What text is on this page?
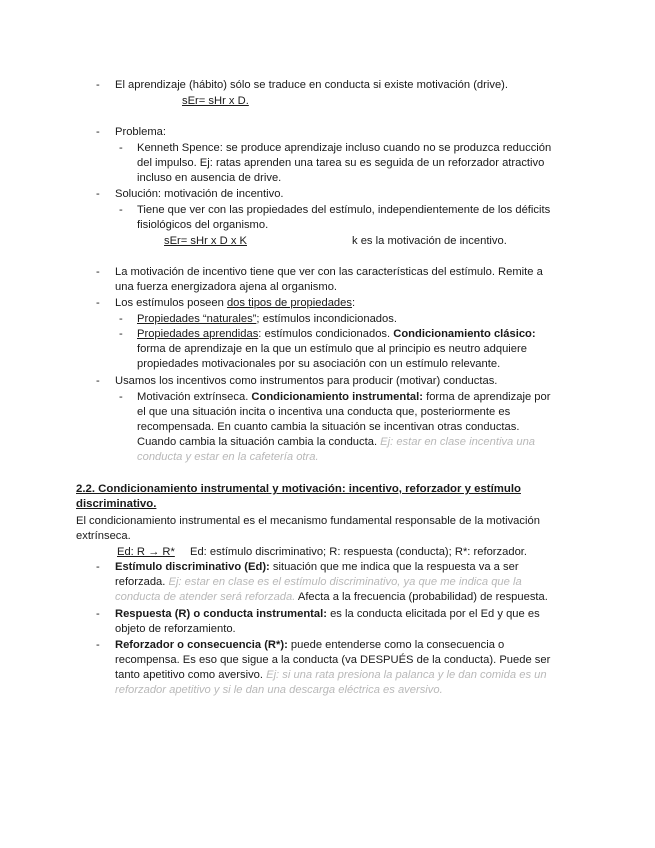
- El aprendizaje (hábito) sólo se traduce en conducta si existe motivación (drive).
sEr= sHr x D.
- Problema:
- Kenneth Spence: se produce aprendizaje incluso cuando no se produzca reducción
del impulso. Ej: ratas aprenden una tarea su es seguida de un reforzador atractivo
incluso en ausencia de drive.
- Solución: motivación de incentivo.
- Tiene que ver con las propiedades del estímulo, independientemente de los déficits
fisiológicos del organismo.
sEr= sHr x D x K	k es la motivación de incentivo.
- La motivación de incentivo tiene que ver con las características del estímulo. Remite a
una fuerza energizadora ajena al organismo.
- Los estímulos poseen dos tipos de propiedades:
- Propiedades “naturales”; estímulos incondicionados.
- Propiedades aprendidas: estímulos condicionados. Condicionamiento clásico:
forma de aprendizaje en la que un estímulo que al principio es neutro adquiere
propiedades motivacionales por su asociación con un estímulo relevante.
- Usamos los incentivos como instrumentos para producir (motivar) conductas.
- Motivación extrínseca. Condicionamiento instrumental: forma de aprendizaje por
el que una situación incita o incentiva una conducta que, posteriormente es
recompensada. En cuanto cambia la situación se incentivan otras conductas.
Cuando cambia la situación cambia la conducta. Ej: estar en clase incentiva una
conducta y estar en la cafetería otra.
2.2. Condicionamiento instrumental y motivación: incentivo, reforzador y estímulo
discriminativo.
El condicionamiento instrumental es el mecanismo fundamental responsable de la motivación
extrínseca.
Ed: R → R* Ed: estímulo discriminativo; R: respuesta (conducta); R*: reforzador.
- Estímulo discriminativo (Ed): situación que me indica que la respuesta va a ser
reforzada. Ej: estar en clase es el estímulo discriminativo, ya que me indica que la
conducta de atender será reforzada. Afecta a la frecuencia (probabilidad) de respuesta.
- Respuesta (R) o conducta instrumental: es la conducta elicitada por el Ed y que es
objeto de reforzamiento.
- Reforzador o consecuencia (R*): puede entenderse como la consecuencia o
recompensa. Es eso que sigue a la conducta (va DESPUÉS de la conducta). Puede ser
tanto apetitivo como aversivo. Ej: si una rata presiona la palanca y le dan comida es un
reforzador apetitivo y si le dan una descarga eléctrica es aversivo.
